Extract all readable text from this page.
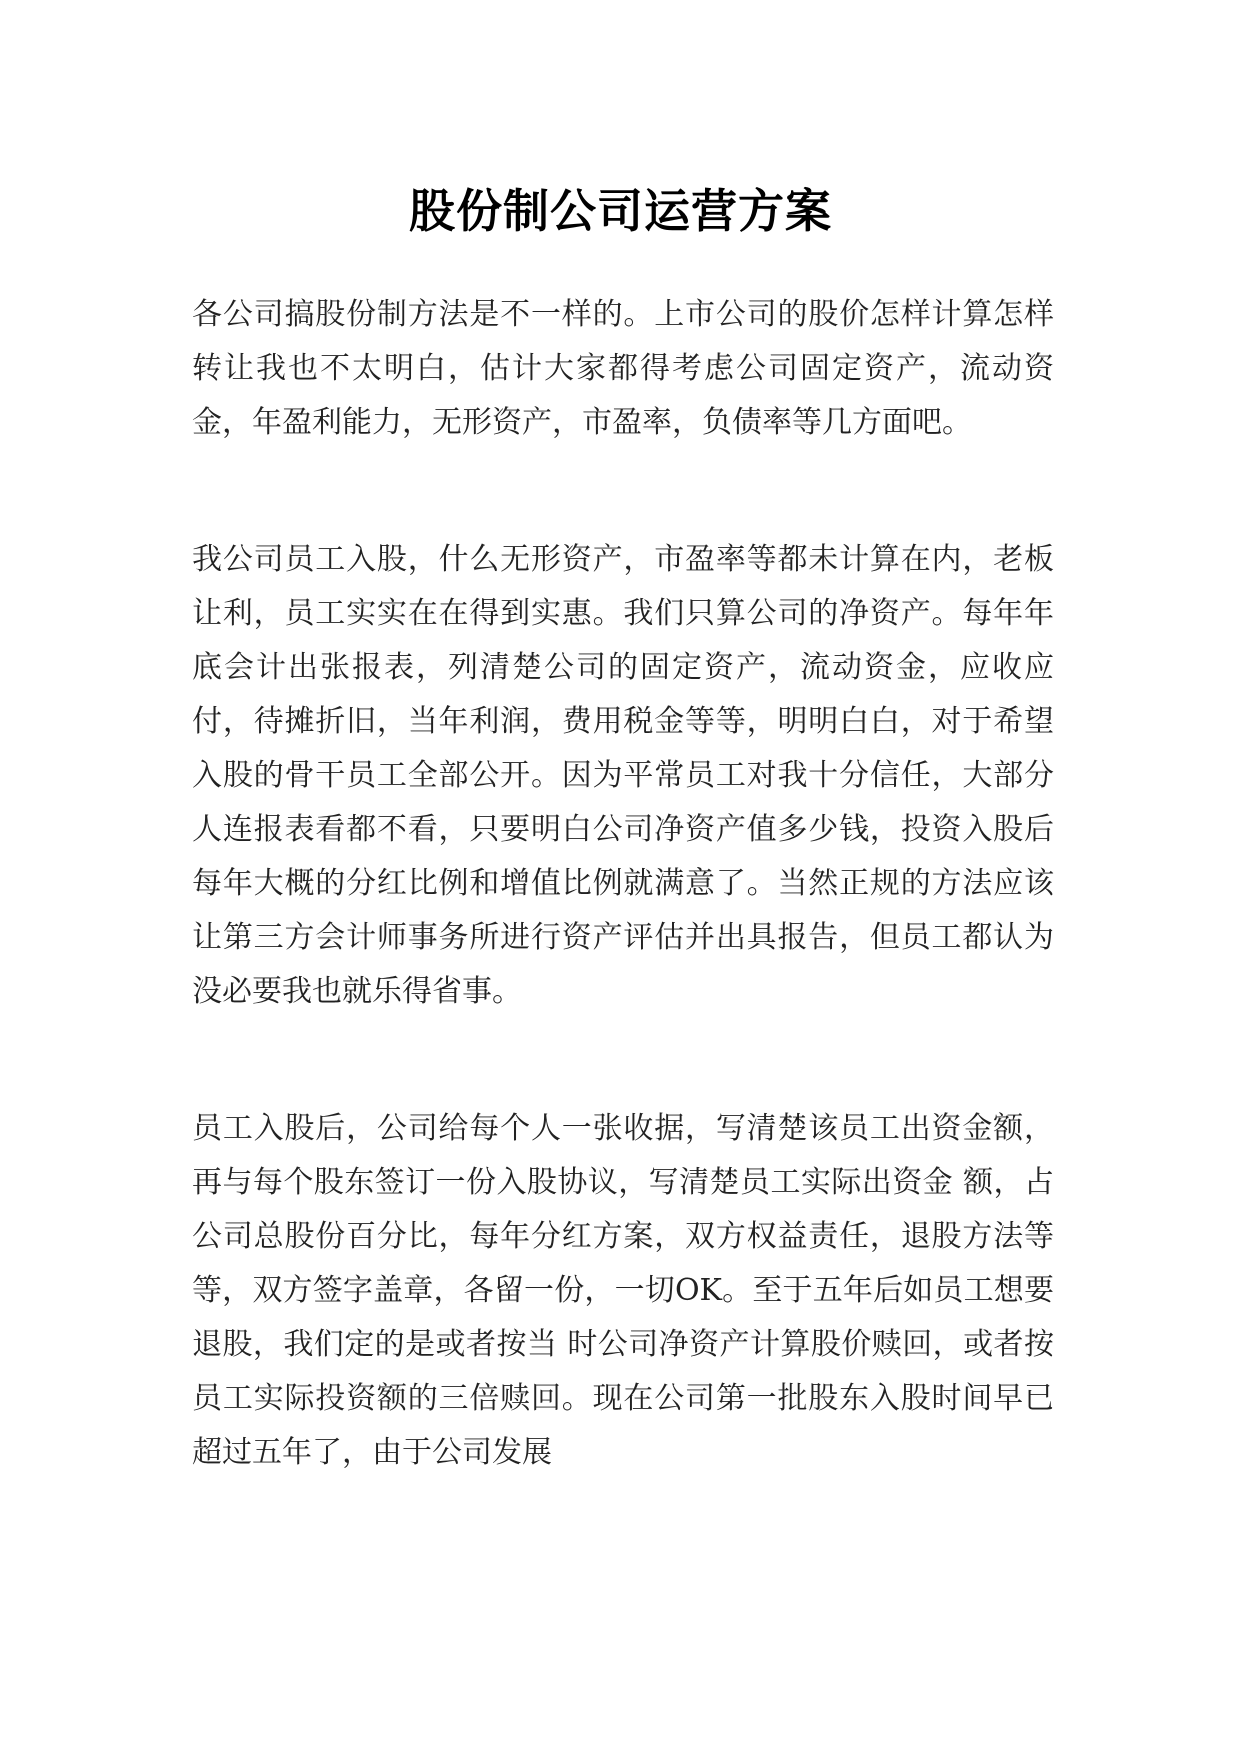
股份制公司运营方案

各公司搞股份制方法是不一样的。上市公司的股价怎样计算怎样转让我也不太明白，估计大家都得考虑公司固定资产，流动资金，年盈利能力，无形资产，市盈率，负债率等几方面吧。

我公司员工入股，什么无形资产，市盈率等都未计算在内，老板让利，员工实实在在得到实惠。我们只算公司的净资产。每年年底会计出张报表，列清楚公司的固定资产，流动资金，应收应付，待摊折旧，当年利润，费用税金等等，明明白白，对于希望入股的骨干员工全部公开。因为平常员工对我十分信任，大部分人连报表看都不看，只要明白公司净资产值多少钱，投资入股后每年大概的分红比例和增值比例就满意了。当然正规的方法应该让第三方会计师事务所进行资产评估并出具报告，但员工都认为没必要我也就乐得省事。

员工入股后，公司给每个人一张收据，写清楚该员工出资金额，再与每个股东签订一份入股协议，写清楚员工实际出资金 额，占公司总股份百分比，每年分红方案，双方权益责任，退股方法等等，双方签字盖章，各留一份，一切OK。至于五年后如员工想要退股，我们定的是或者按当 时公司净资产计算股价赎回，或者按员工实际投资额的三倍赎回。现在公司第一批股东入股时间早已超过五年了，由于公司发展
